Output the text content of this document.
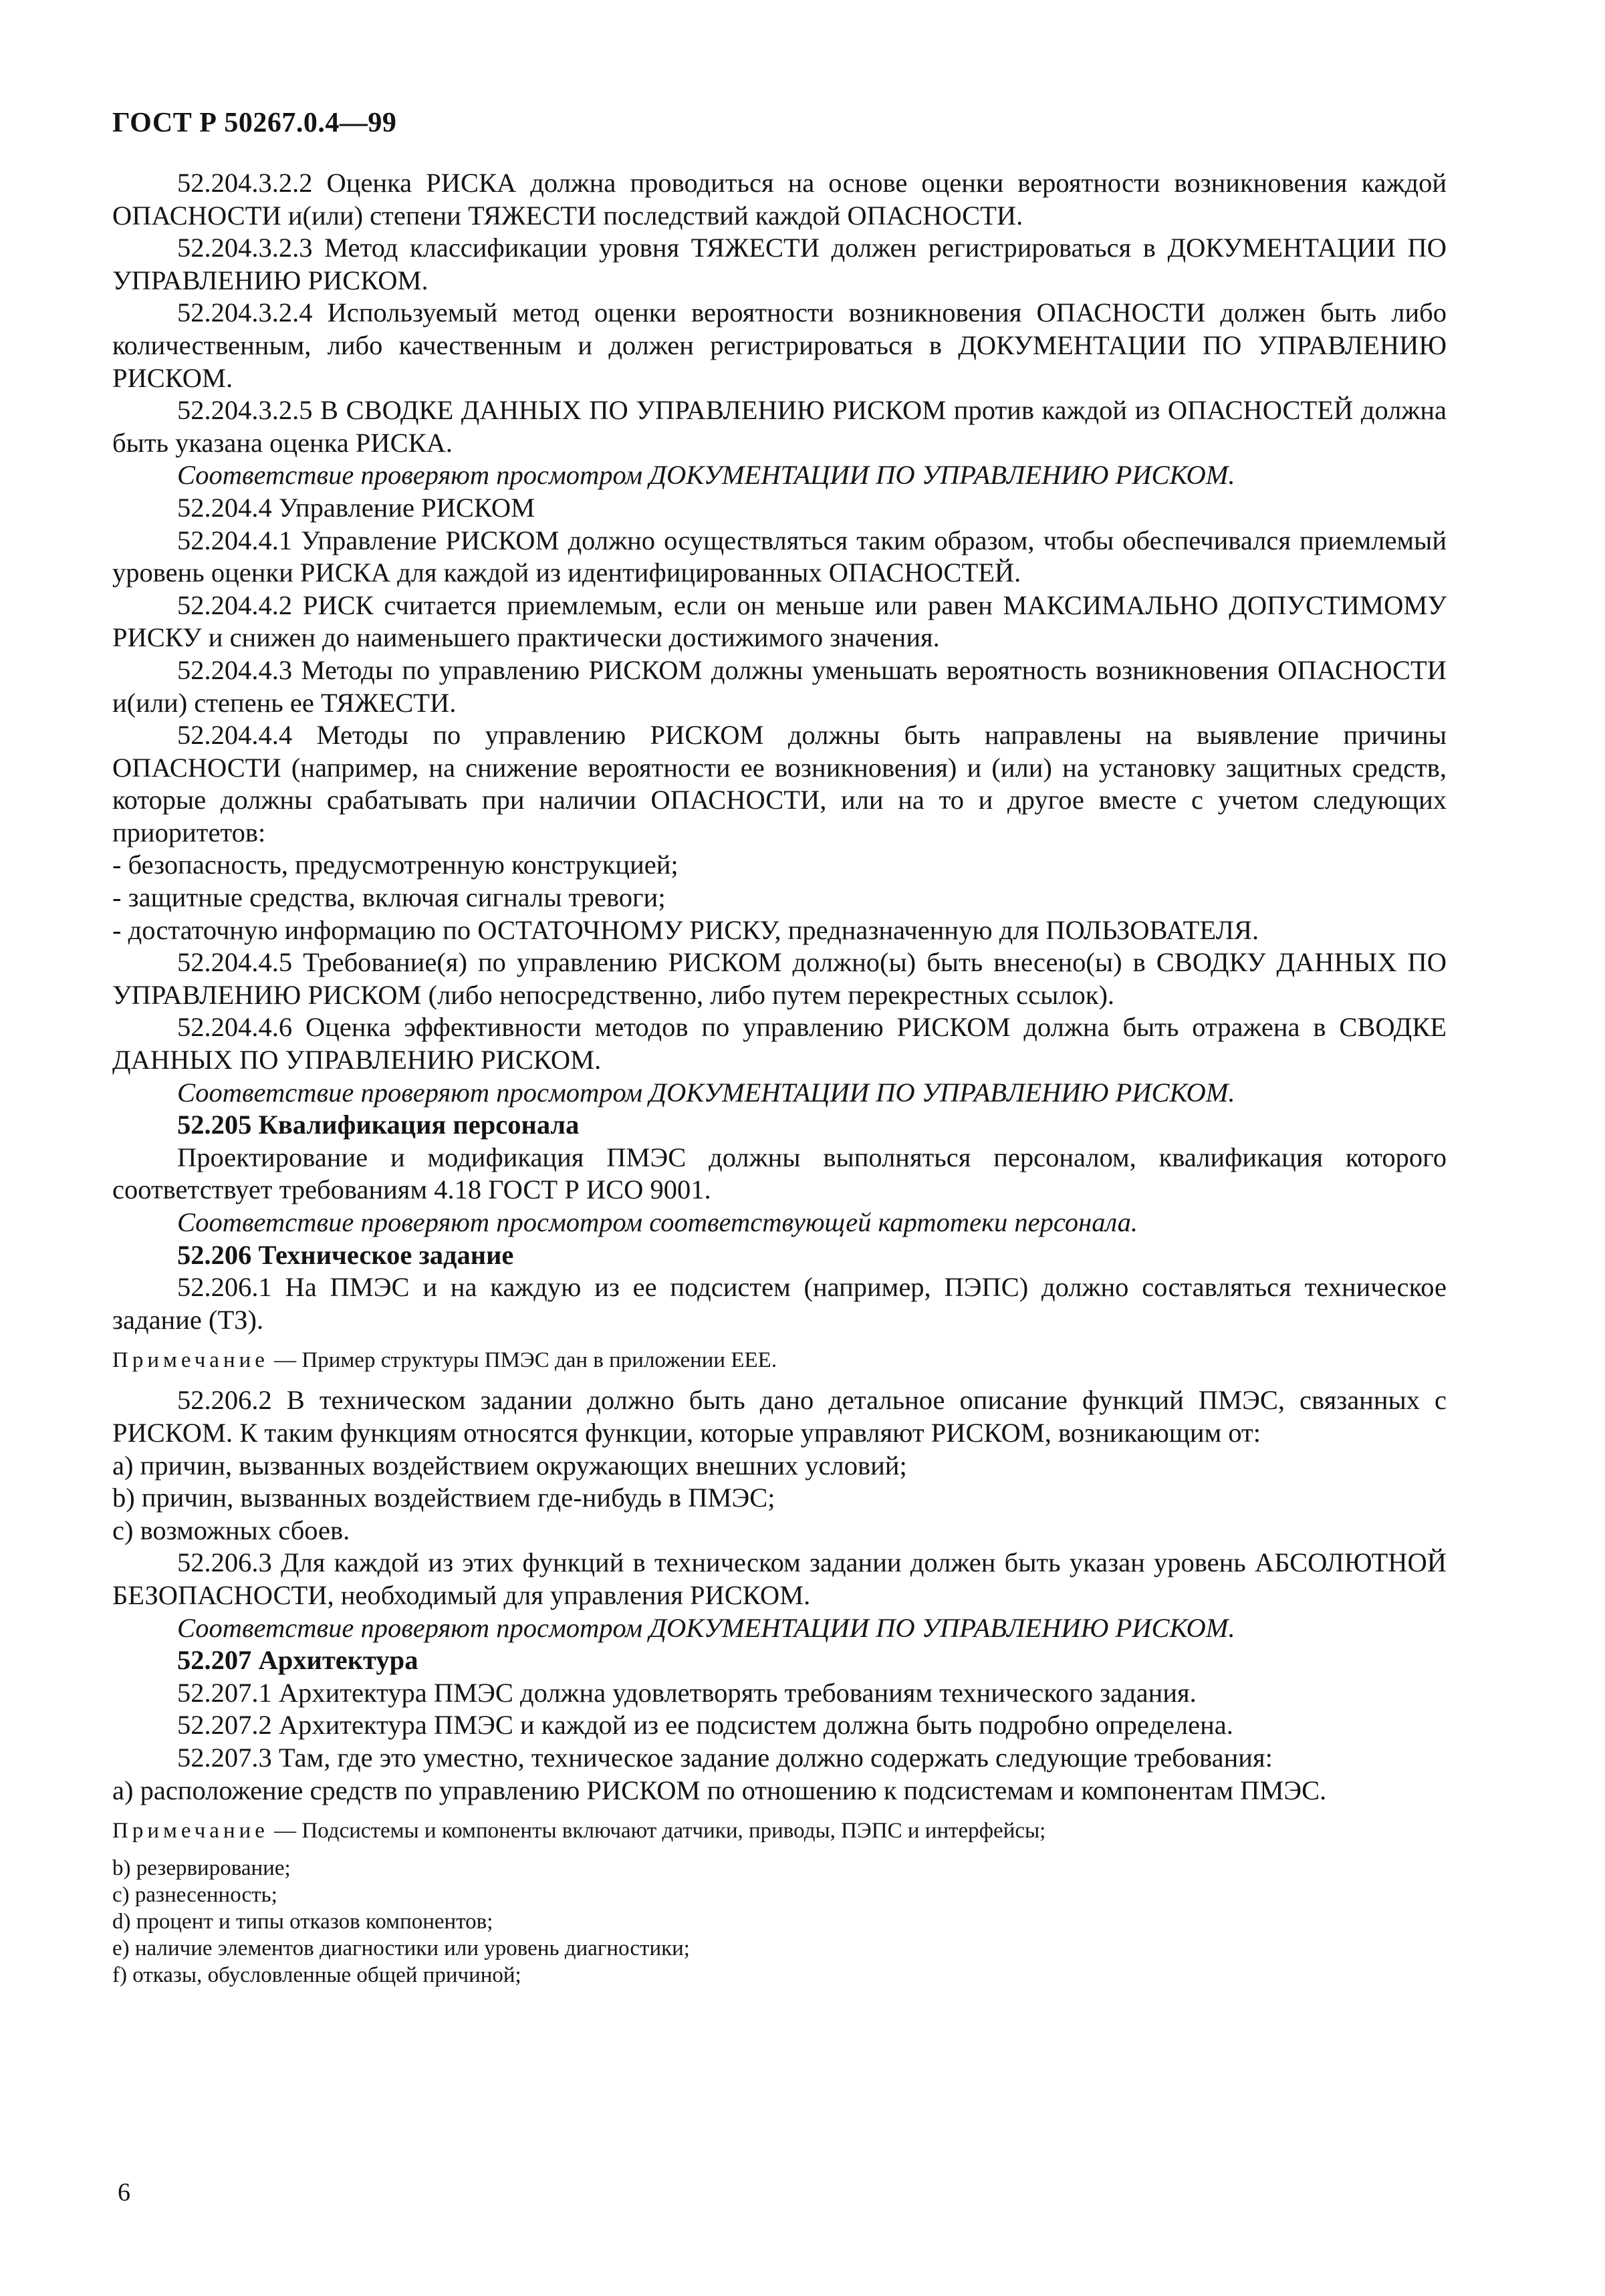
ГОСТ Р 50267.0.4—99

52.204.3.2.2 Оценка РИСКА должна проводиться на основе оценки вероятности возникновения каждой ОПАСНОСТИ и(или) степени ТЯЖЕСТИ последствий каждой ОПАСНОСТИ.

52.204.3.2.3 Метод классификации уровня ТЯЖЕСТИ должен регистрироваться в ДОКУМЕНТАЦИИ ПО УПРАВЛЕНИЮ РИСКОМ.

52.204.3.2.4 Используемый метод оценки вероятности возникновения ОПАСНОСТИ должен быть либо количественным, либо качественным и должен регистрироваться в ДОКУМЕНТАЦИИ ПО УПРАВЛЕНИЮ РИСКОМ.

52.204.3.2.5 В СВОДКЕ ДАННЫХ ПО УПРАВЛЕНИЮ РИСКОМ против каждой из ОПАСНОСТЕЙ должна быть указана оценка РИСКА.

Соответствие проверяют просмотром ДОКУМЕНТАЦИИ ПО УПРАВЛЕНИЮ РИСКОМ.

52.204.4 Управление РИСКОМ

52.204.4.1 Управление РИСКОМ должно осуществляться таким образом, чтобы обеспечивался приемлемый уровень оценки РИСКА для каждой из идентифицированных ОПАСНОСТЕЙ.

52.204.4.2 РИСК считается приемлемым, если он меньше или равен МАКСИМАЛЬНО ДОПУСТИМОМУ РИСКУ и снижен до наименьшего практически достижимого значения.

52.204.4.3 Методы по управлению РИСКОМ должны уменьшать вероятность возникновения ОПАСНОСТИ и(или) степень ее ТЯЖЕСТИ.

52.204.4.4 Методы по управлению РИСКОМ должны быть направлены на выявление причины ОПАСНОСТИ (например, на снижение вероятности ее возникновения) и (или) на установку защитных средств, которые должны срабатывать при наличии ОПАСНОСТИ, или на то и другое вместе с учетом следующих приоритетов:

- безопасность, предусмотренную конструкцией;

- защитные средства, включая сигналы тревоги;

- достаточную информацию по ОСТАТОЧНОМУ РИСКУ, предназначенную для ПОЛЬЗОВАТЕЛЯ.

52.204.4.5 Требование(я) по управлению РИСКОМ должно(ы) быть внесено(ы) в СВОДКУ ДАННЫХ ПО УПРАВЛЕНИЮ РИСКОМ (либо непосредственно, либо путем перекрестных ссылок).

52.204.4.6 Оценка эффективности методов по управлению РИСКОМ должна быть отражена в СВОДКЕ ДАННЫХ ПО УПРАВЛЕНИЮ РИСКОМ.

Соответствие проверяют просмотром ДОКУМЕНТАЦИИ ПО УПРАВЛЕНИЮ РИСКОМ.

52.205 Квалификация персонала

Проектирование и модификация ПМЭС должны выполняться персоналом, квалификация которого соответствует требованиям 4.18 ГОСТ Р ИСО 9001.

Соответствие проверяют просмотром соответствующей картотеки персонала.

52.206 Техническое задание

52.206.1 На ПМЭС и на каждую из ее подсистем (например, ПЭПС) должно составляться техническое задание (ТЗ).

Примечание — Пример структуры ПМЭС дан в приложении ЕЕЕ.

52.206.2 В техническом задании должно быть дано детальное описание функций ПМЭС, связанных с РИСКОМ. К таким функциям относятся функции, которые управляют РИСКОМ, возникающим от:

a) причин, вызванных воздействием окружающих внешних условий;

b) причин, вызванных воздействием где-нибудь в ПМЭС;

c) возможных сбоев.

52.206.3 Для каждой из этих функций в техническом задании должен быть указан уровень АБСОЛЮТНОЙ БЕЗОПАСНОСТИ, необходимый для управления РИСКОМ.

Соответствие проверяют просмотром ДОКУМЕНТАЦИИ ПО УПРАВЛЕНИЮ РИСКОМ.

52.207 Архитектура

52.207.1 Архитектура ПМЭС должна удовлетворять требованиям технического задания.

52.207.2 Архитектура ПМЭС и каждой из ее подсистем должна быть подробно определена.

52.207.3 Там, где это уместно, техническое задание должно содержать следующие требования:

a) расположение средств по управлению РИСКОМ по отношению к подсистемам и компонентам ПМЭС.

Примечание — Подсистемы и компоненты включают датчики, приводы, ПЭПС и интерфейсы;

b) резервирование;

c) разнесенность;

d) процент и типы отказов компонентов;

e) наличие элементов диагностики или уровень диагностики;

f) отказы, обусловленные общей причиной;

6
